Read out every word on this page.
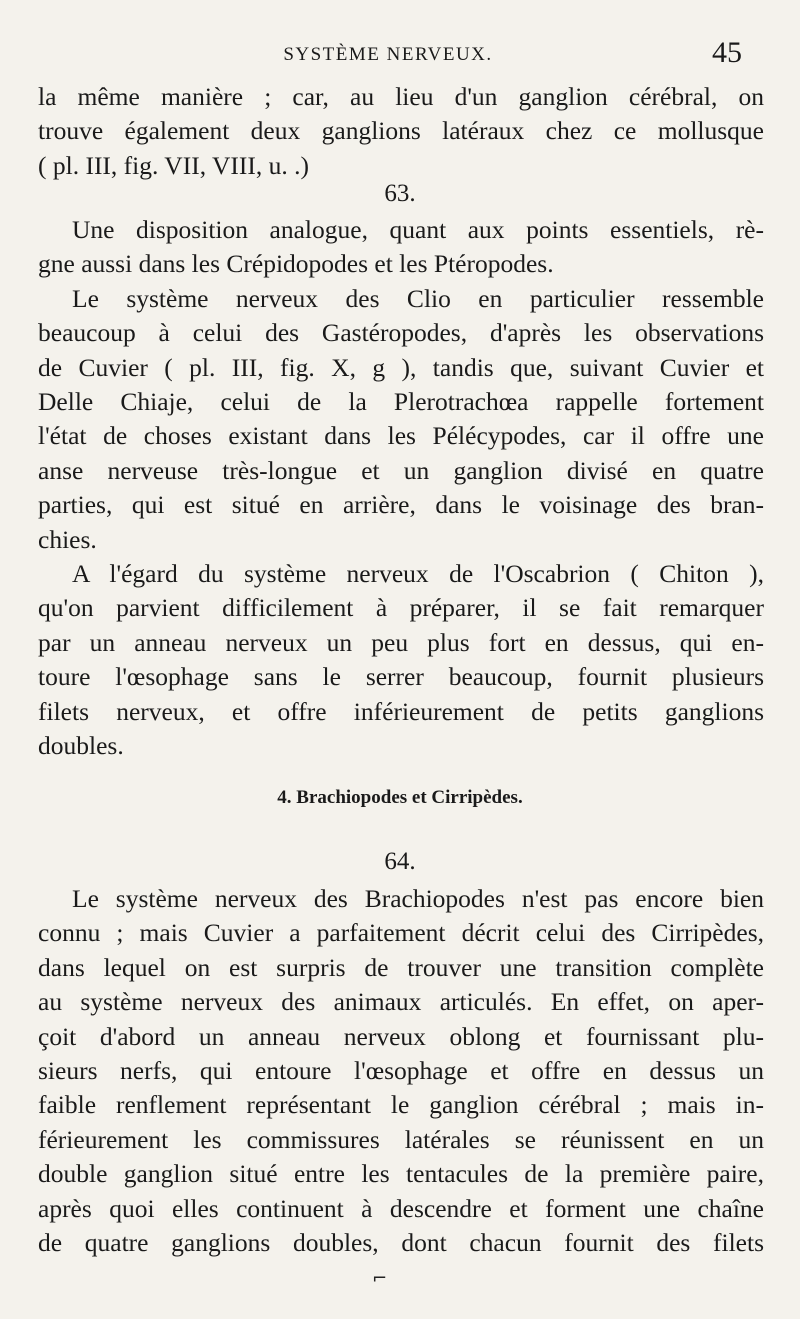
SYSTÈME NERVEUX.	45
la même manière ; car, au lieu d'un ganglion cérébral, on
trouve également deux ganglions latéraux chez ce mollusque
( pl. III, fig. VII, VIII, u. .)
63.
Une disposition analogue, quant aux points essentiels, rè-
gne aussi dans les Crépidopodes et les Ptéropodes.
Le système nerveux des Clio en particulier ressemble
beaucoup à celui des Gastéropodes, d'après les observations
de Cuvier ( pl. III, fig. X, g ), tandis que, suivant Cuvier et
Delle Chiaje, celui de la Plerotrachœa rappelle fortement
l'état de choses existant dans les Pélécypodes, car il offre une
anse nerveuse très-longue et un ganglion divisé en quatre
parties, qui est situé en arrière, dans le voisinage des bran-
chies.
A l'égard du système nerveux de l'Oscabrion ( Chiton ),
qu'on parvient difficilement à préparer, il se fait remarquer
par un anneau nerveux un peu plus fort en dessus, qui en-
toure l'œsophage sans le serrer beaucoup, fournit plusieurs
filets nerveux, et offre inférieurement de petits ganglions
doubles.
4. Brachiopodes et Cirripèdes.
64.
Le système nerveux des Brachiopodes n'est pas encore bien
connu ; mais Cuvier a parfaitement décrit celui des Cirripèdes,
dans lequel on est surpris de trouver une transition complète
au système nerveux des animaux articulés. En effet, on aper-
çoit d'abord un anneau nerveux oblong et fournissant plu-
sieurs nerfs, qui entoure l'œsophage et offre en dessus un
faible renflement représentant le ganglion cérébral ; mais in-
férieurement les commissures latérales se réunissent en un
double ganglion situé entre les tentacules de la première paire,
après quoi elles continuent à descendre et forment une chaîne
de quatre ganglions doubles, dont chacun fournit des filets
⌐
